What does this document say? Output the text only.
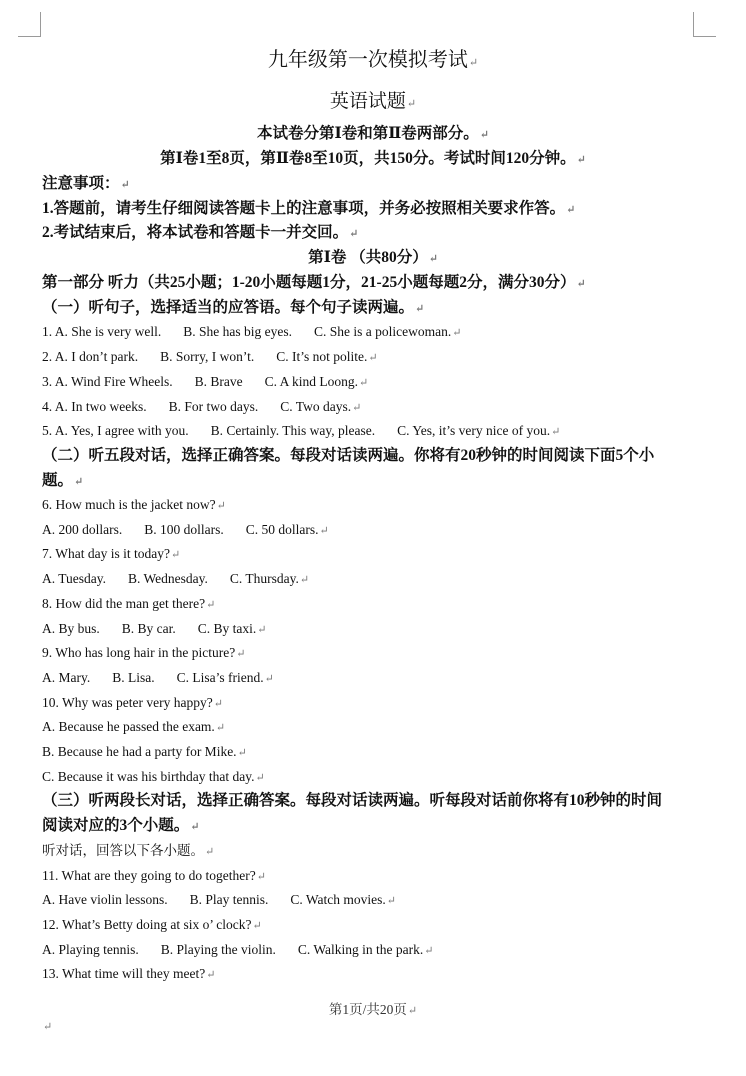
九年级第一次模拟考试↵
英语试题↵
本试卷分第Ⅰ卷和第Ⅱ卷两部分。↵
第Ⅰ卷1至8页，第Ⅱ卷8至10页，共150分。考试时间120分钟。↵
注意事项：↵
1.答题前，请考生仔细阅读答题卡上的注意事项，并务必按照相关要求作答。↵
2.考试结束后，将本试卷和答题卡一并交回。↵
第Ⅰ卷 （共80分）↵
第一部分 听力（共25小题；1-20小题每题1分，21-25小题每题2分，满分30分）↵
（一）听句子，选择适当的应答语。每个句子读两遍。↵
1. A. She is very well. B. She has big eyes. C. She is a policewoman.↵
2. A. I don’t park. B. Sorry, I won’t. C. It’s not polite.↵
3. A. Wind Fire Wheels. B. Brave C. A kind Loong.↵
4. A. In two weeks. B. For two days. C. Two days.↵
5. A. Yes, I agree with you. B. Certainly. This way, please. C. Yes, it’s very nice of you.↵
（二）听五段对话，选择正确答案。每段对话读两遍。你将有20秒钟的时间阅读下面5个小
题。↵
6. How much is the jacket now?↵
A. 200 dollars. B. 100 dollars. C. 50 dollars.↵
7. What day is it today?↵
A. Tuesday. B. Wednesday. C. Thursday.↵
8. How did the man get there?↵
A. By bus. B. By car. C. By taxi.↵
9. Who has long hair in the picture?↵
A. Mary. B. Lisa. C. Lisa’s friend.↵
10. Why was peter very happy?↵
A. Because he passed the exam.↵
B. Because he had a party for Mike.↵
C. Because it was his birthday that day.↵
（三）听两段长对话，选择正确答案。每段对话读两遍。听每段对话前你将有10秒钟的时间
阅读对应的3个小题。↵
听对话，回答以下各小题。↵
11. What are they going to do together?↵
A. Have violin lessons. B. Play tennis. C. Watch movies.↵
12. What’s Betty doing at six o’ clock?↵
A. Playing tennis. B. Playing the violin. C. Walking in the park.↵
13. What time will they meet?↵
第1页/共20页↵
↵
